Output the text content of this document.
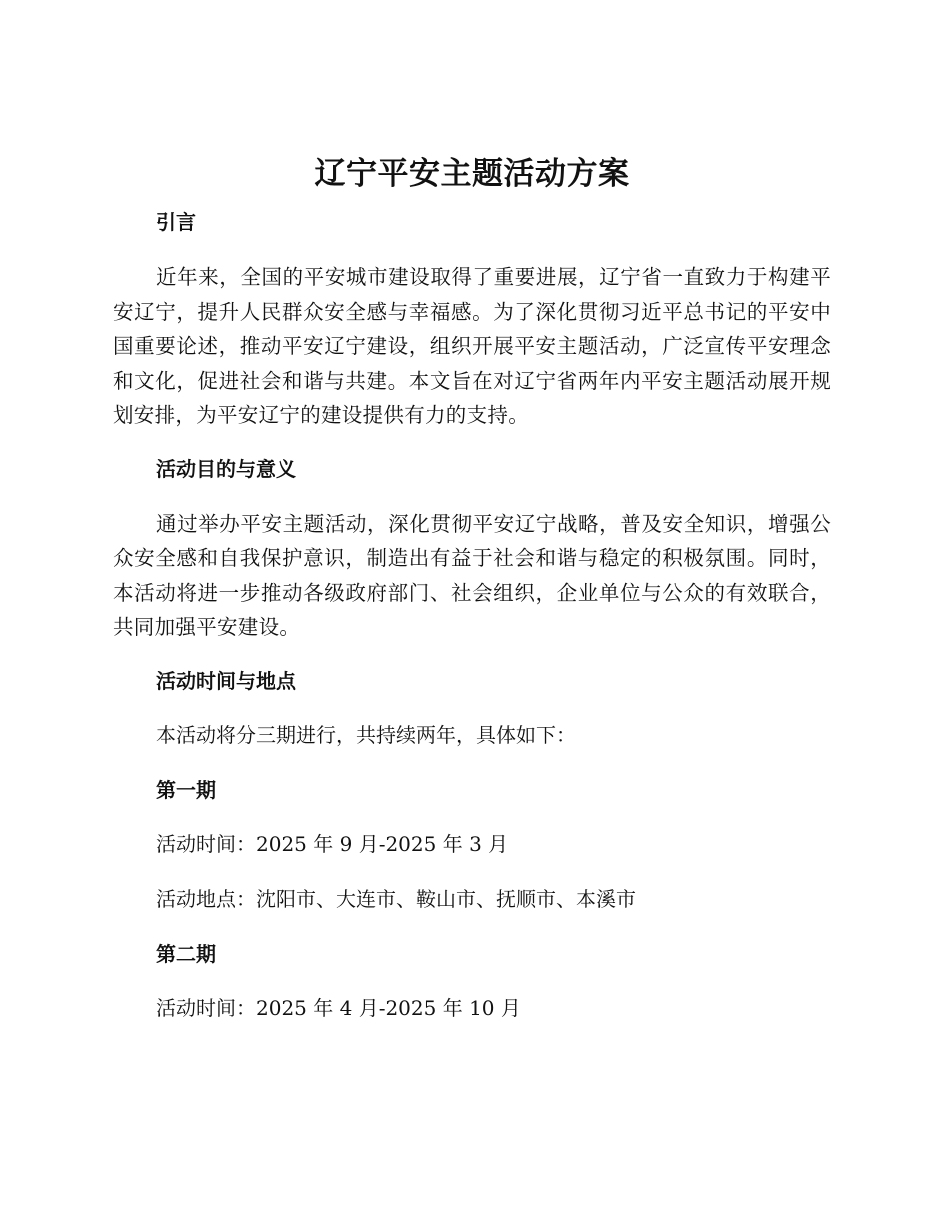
辽宁平安主题活动方案
引言

近年来，全国的平安城市建设取得了重要进展，辽宁省一直致力于构建平安辽宁，提升人民群众安全感与幸福感。为了深化贯彻习近平总书记的平安中国重要论述，推动平安辽宁建设，组织开展平安主题活动，广泛宣传平安理念和文化，促进社会和谐与共建。本文旨在对辽宁省两年内平安主题活动展开规划安排，为平安辽宁的建设提供有力的支持。

活动目的与意义

通过举办平安主题活动，深化贯彻平安辽宁战略，普及安全知识，增强公众安全感和自我保护意识，制造出有益于社会和谐与稳定的积极氛围。同时，本活动将进一步推动各级政府部门、社会组织，企业单位与公众的有效联合，共同加强平安建设。

活动时间与地点

本活动将分三期进行，共持续两年，具体如下：

第一期

活动时间：2025 年 9 月-2025 年 3 月

活动地点：沈阳市、大连市、鞍山市、抚顺市、本溪市

第二期

活动时间：2025 年 4 月-2025 年 10 月
